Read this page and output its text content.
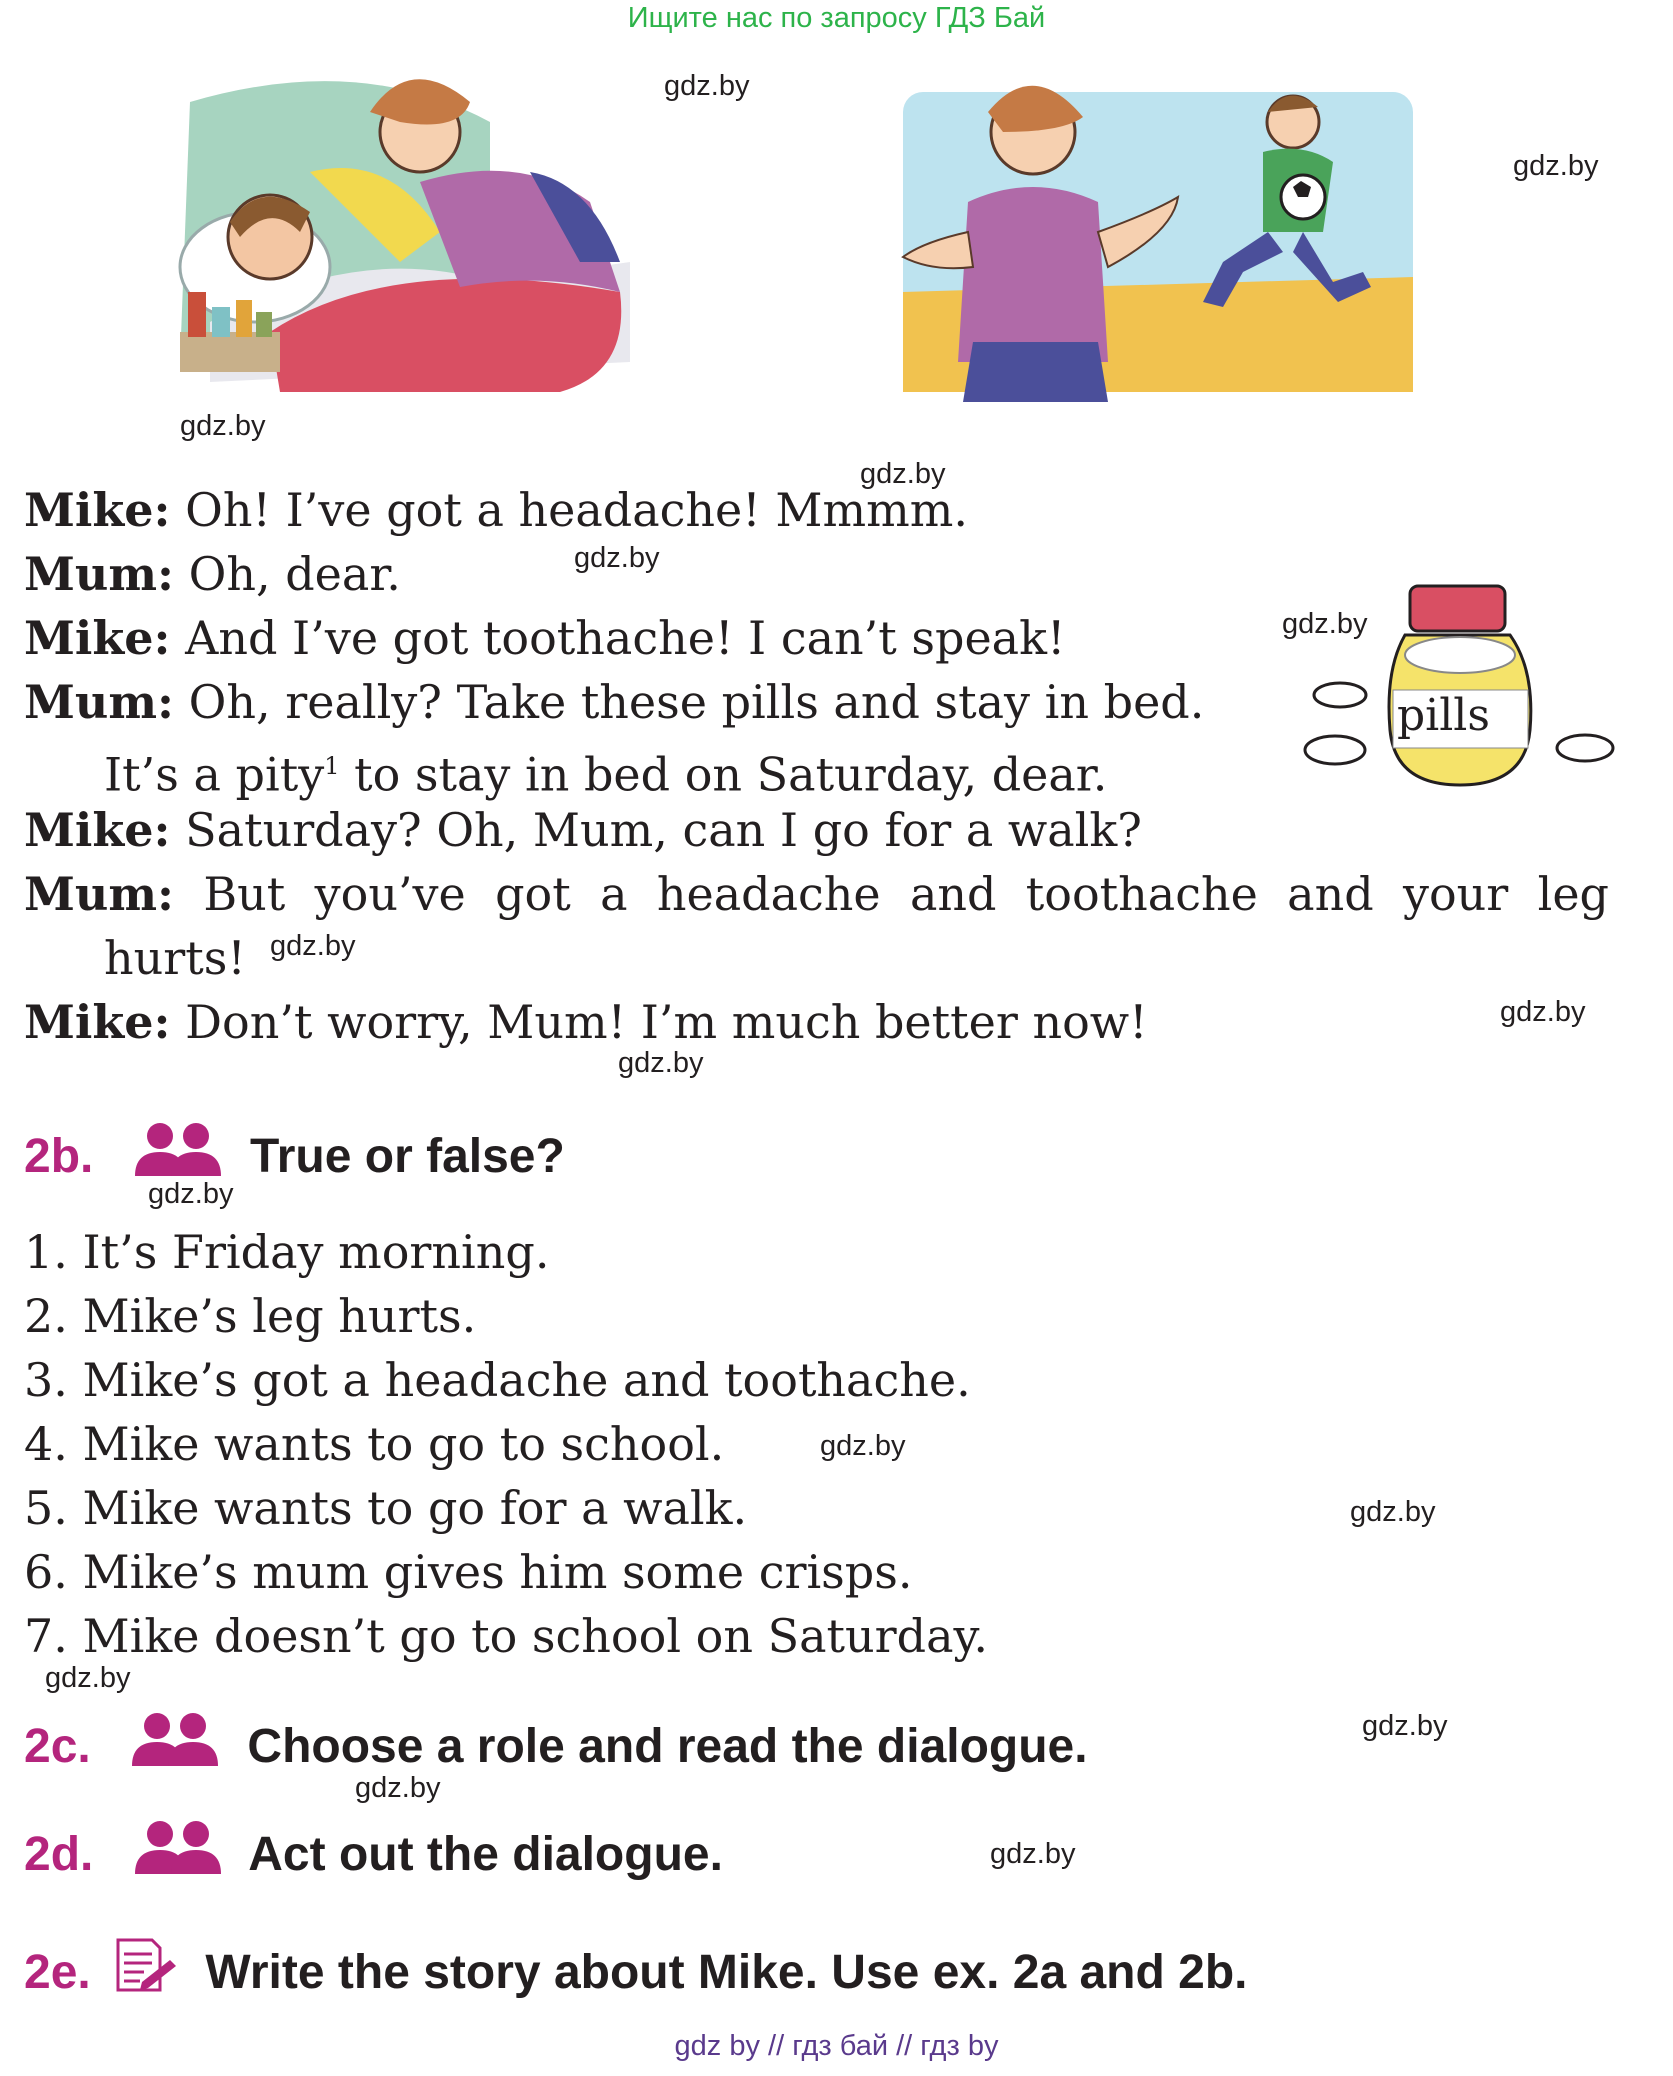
Ищите нас по запросу ГДЗ Бай
pills
gdz.by
gdz.by
gdz.by
gdz.by
gdz.by
gdz.by
gdz.by
gdz.by
gdz.by
gdz.by
gdz.by
gdz.by
gdz.by
gdz.by
gdz.by
gdz.by
Mike: Oh! I’ve got a headache! Mmmm.
Mum: Oh, dear.
Mike: And I’ve got toothache! I can’t speak!
Mum: Oh, really? Take these pills and stay in bed.
It’s a pity$^1$ to stay in bed on Saturday, dear.
Mike: Saturday? Oh, Mum, can I go for a walk?
Mum: But you’ve got a headache and toothache and your leg
hurts!
Mike: Don’t worry, Mum! I’m much better now!
2b.	True or false?
1. It’s Friday morning.
2. Mike’s leg hurts.
3. Mike’s got a headache and toothache.
4. Mike wants to go to school.
5. Mike wants to go for a walk.
6. Mike’s mum gives him some crisps.
7. Mike doesn’t go to school on Saturday.
2c.	Choose a role and read the dialogue.
2d.	Act out the dialogue.
2e. Write the story about Mike. Use ex. 2a and 2b.
gdz by // гдз бай // гдз by
